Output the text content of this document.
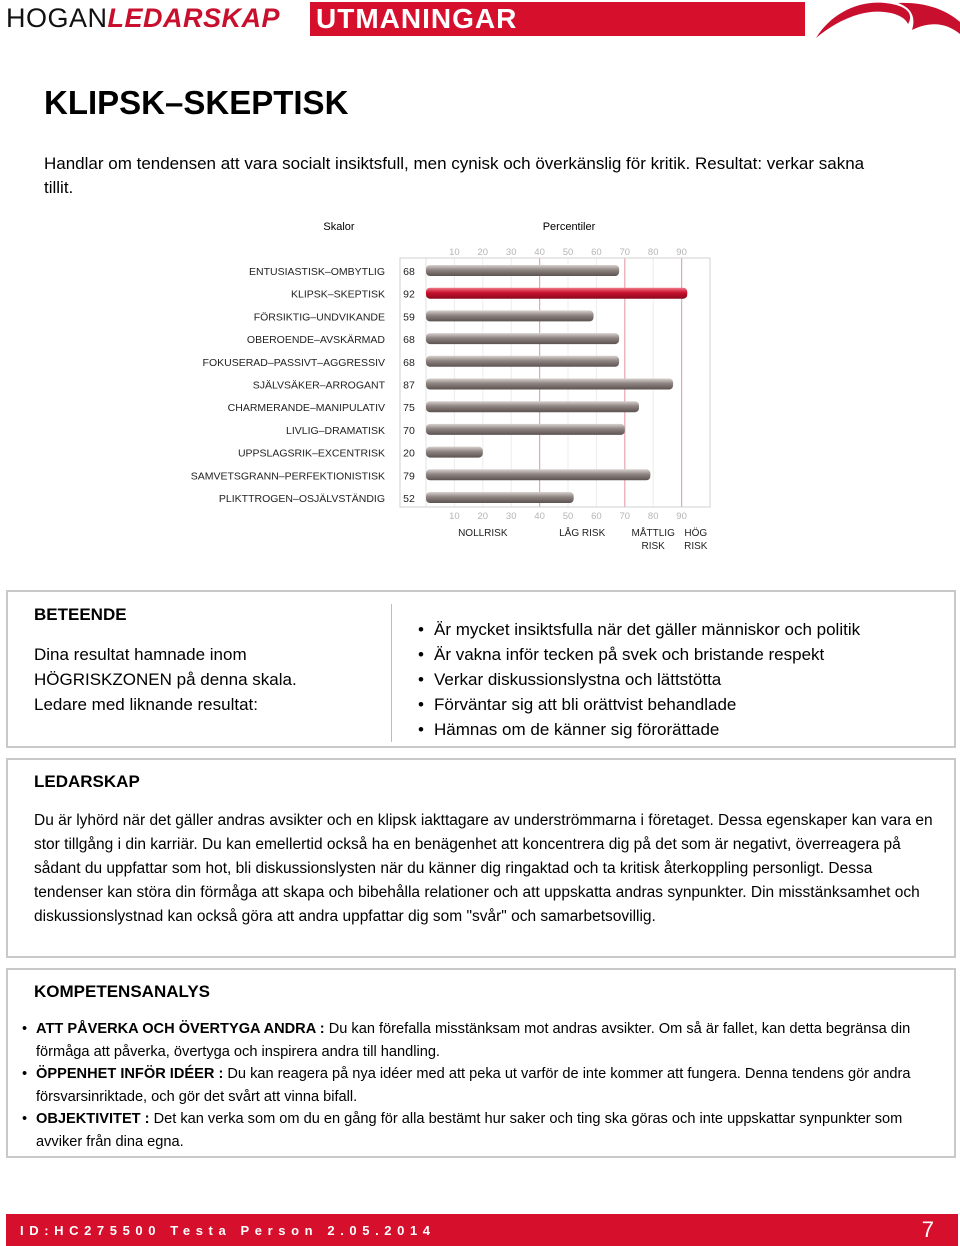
HOGANLEDARSKAP UTMANINGAR
KLIPSK–SKEPTISK

Handlar om tendensen att vara socialt insiktsfull, men cynisk och överkänslig för kritik. Resultat: verkar sakna tillit.

Skalor	Percentiler
10
10
20
20
30
30
40
40
50
50
60
60
70
70
80
80
90
90
ENTUSIASTISK–OMBYTLIG 68
KLIPSK–SKEPTISK 92
FÖRSIKTIG–UNDVIKANDE 59
OBEROENDE–AVSKÄRMAD 68
FOKUSERAD–PASSIVT–AGGRESSIV 68
SJÄLVSÄKER–ARROGANT 87
CHARMERANDE–MANIPULATIV 75
LIVLIG–DRAMATISK 70
UPPSLAGSRIK–EXCENTRISK 20
SAMVETSGRANN–PERFEKTIONISTISK 79
PLIKTTROGEN–OSJÄLVSTÄNDIG 52
NOLLRISK	LÅG RISK	MÅTTLIG
RISK
HÖG
RISK
BETEENDE
Dina resultat hamnade inom
HÖGRISKZONEN på denna skala.
Ledare med liknande resultat:
• Är mycket insiktsfulla när det gäller människor och politik
• Är vakna inför tecken på svek och bristande respekt
• Verkar diskussionslystna och lättstötta
• Förväntar sig att bli orättvist behandlade
• Hämnas om de känner sig förorättade
LEDARSKAP

Du är lyhörd när det gäller andras avsikter och en klipsk iakttagare av underströmmarna i företaget. Dessa egenskaper kan vara en stor tillgång i din karriär. Du kan emellertid också ha en benägenhet att koncentrera dig på det som är negativt, överreagera på sådant du uppfattar som hot, bli diskussionslysten när du känner dig ringaktad och ta kritisk återkoppling personligt. Dessa tendenser kan störa din förmåga att skapa och bibehålla relationer och att uppskatta andras synpunkter. Din misstänksamhet och diskussionslystnad kan också göra att andra uppfattar dig som "svår" och samarbetsovillig.

KOMPETENSANALYS
• ATT PÅVERKA OCH ÖVERTYGA ANDRA : Du kan förefalla misstänksam mot andras avsikter. Om så är fallet, kan detta begränsa din förmåga att påverka, övertyga och inspirera andra till handling.
• ÖPPENHET INFÖR IDÉER : Du kan reagera på nya idéer med att peka ut varför de inte kommer att fungera. Denna tendens gör andra försvarsinriktade, och gör det svårt att vinna bifall.
• OBJEKTIVITET : Det kan verka som om du en gång för alla bestämt hur saker och ting ska göras och inte uppskattar synpunkter som avviker från dina egna.
ID:HC275500 Testa Person 2.05.2014	7
